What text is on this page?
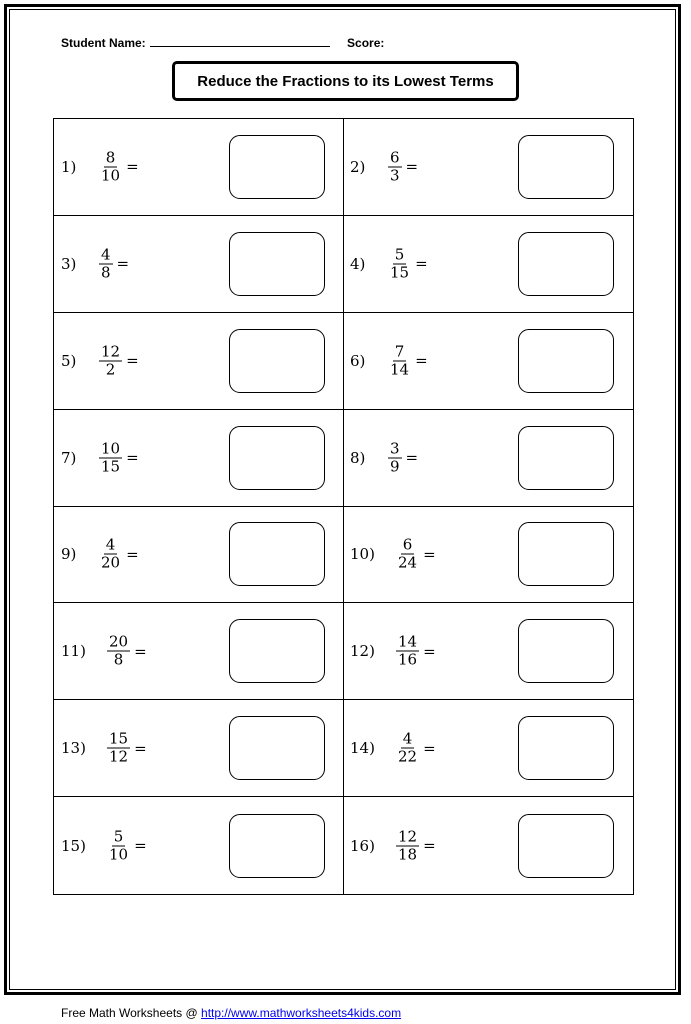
Student Name:	Score:
Reduce the Fractions to its Lowest Terms
$1) \frac{8}{10}$ =	$2) \frac{6}{3}$ =
$3) \frac{4}{8}$ =	$4) \frac{5}{15}$ =
$5) \frac{12}{2}$ =	$6) \frac{7}{14}$ =
$7) \frac{10}{15}$ =	$8) \frac{3}{9}$ =
$9) \frac{4}{20}$ =	$10) \frac{6}{24}$ =
$11) \frac{20}{8}$ =	$12) \frac{14}{16}$ =
$13) \frac{15}{12}$ =	$14) \frac{4}{22}$ =
$15) \frac{5}{10}$ =	$16) \frac{12}{18}$ =
Free Math Worksheets @ http://www.mathworksheets4kids.com
